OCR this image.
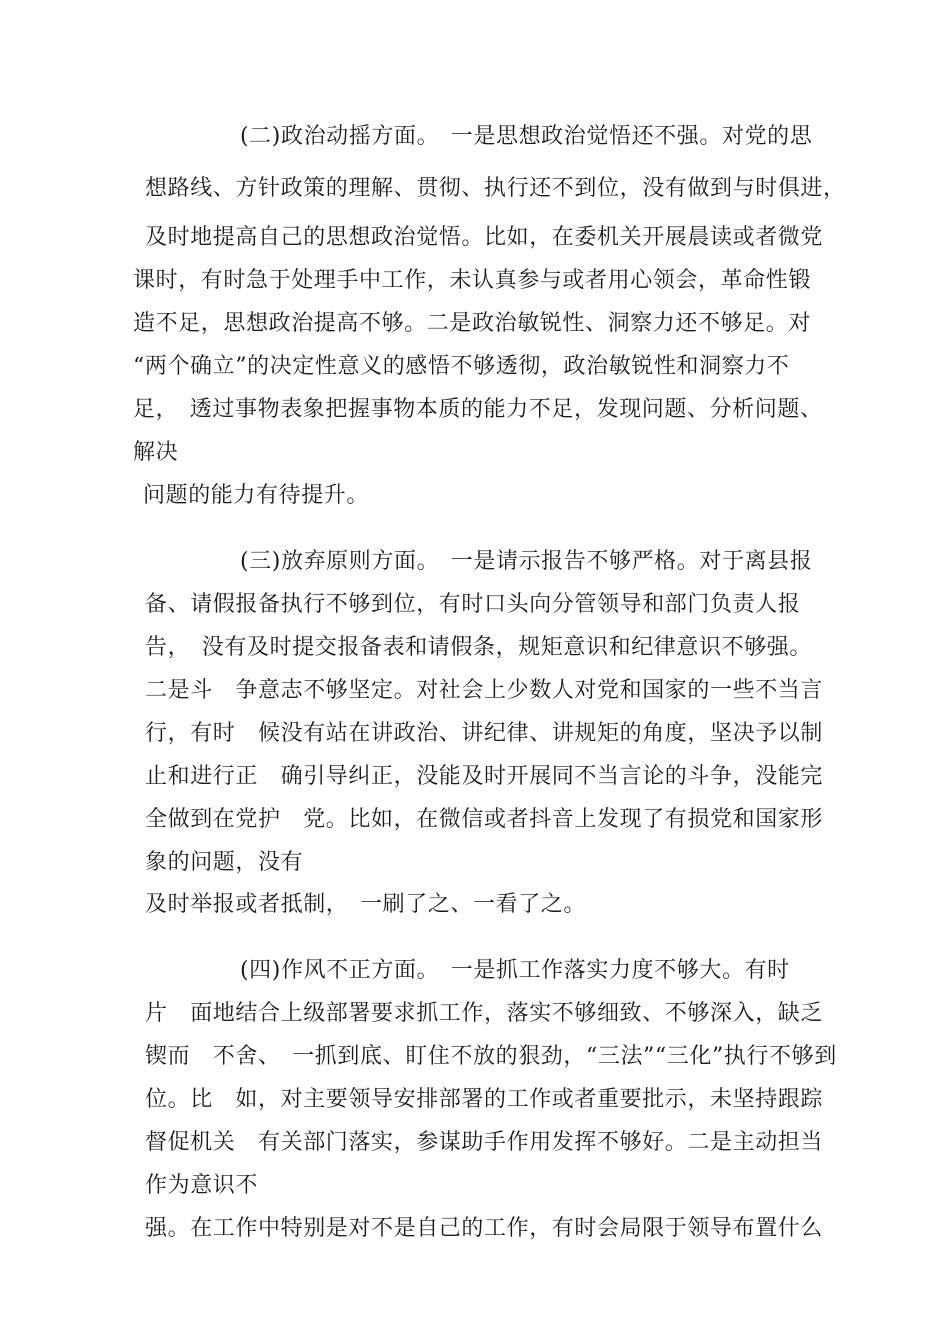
(二)政治动摇方面。　一是思想政治觉悟还不强。对党的思
想路线、方针政策的理解、贯彻、执行还不到位，没有做到与时俱进，
及时地提高自己的思想政治觉悟。比如，在委机关开展晨读或者微党
课时，有时急于处理手中工作，未认真参与或者用心领会，革命性锻
造不足，思想政治提高不够。二是政治敏锐性、洞察力还不够足。对
“两个确立”的决定性意义的感悟不够透彻，政治敏锐性和洞察力不
足，　透过事物表象把握事物本质的能力不足，发现问题、分析问题、
解决
问题的能力有待提升。
(三)放弃原则方面。　一是请示报告不够严格。对于离县报
备、请假报备执行不够到位，有时口头向分管领导和部门负责人报
告，　没有及时提交报备表和请假条，规矩意识和纪律意识不够强。
二是斗　争意志不够坚定。对社会上少数人对党和国家的一些不当言
行，有时　候没有站在讲政治、讲纪律、讲规矩的角度，坚决予以制
止和进行正　确引导纠正，没能及时开展同不当言论的斗争，没能完
全做到在党护　党。比如，在微信或者抖音上发现了有损党和国家形
象的问题，没有
及时举报或者抵制，　一刷了之、一看了之。
(四)作风不正方面。　一是抓工作落实力度不够大。有时
片　面地结合上级部署要求抓工作，落实不够细致、不够深入，缺乏
锲而　不舍、　一抓到底、盯住不放的狠劲，“三法”“三化”执行不够到
位。比　如，对主要领导安排部署的工作或者重要批示，未坚持跟踪
督促机关　有关部门落实，参谋助手作用发挥不够好。二是主动担当
作为意识不
强。在工作中特别是对不是自己的工作，有时会局限于领导布置什么
